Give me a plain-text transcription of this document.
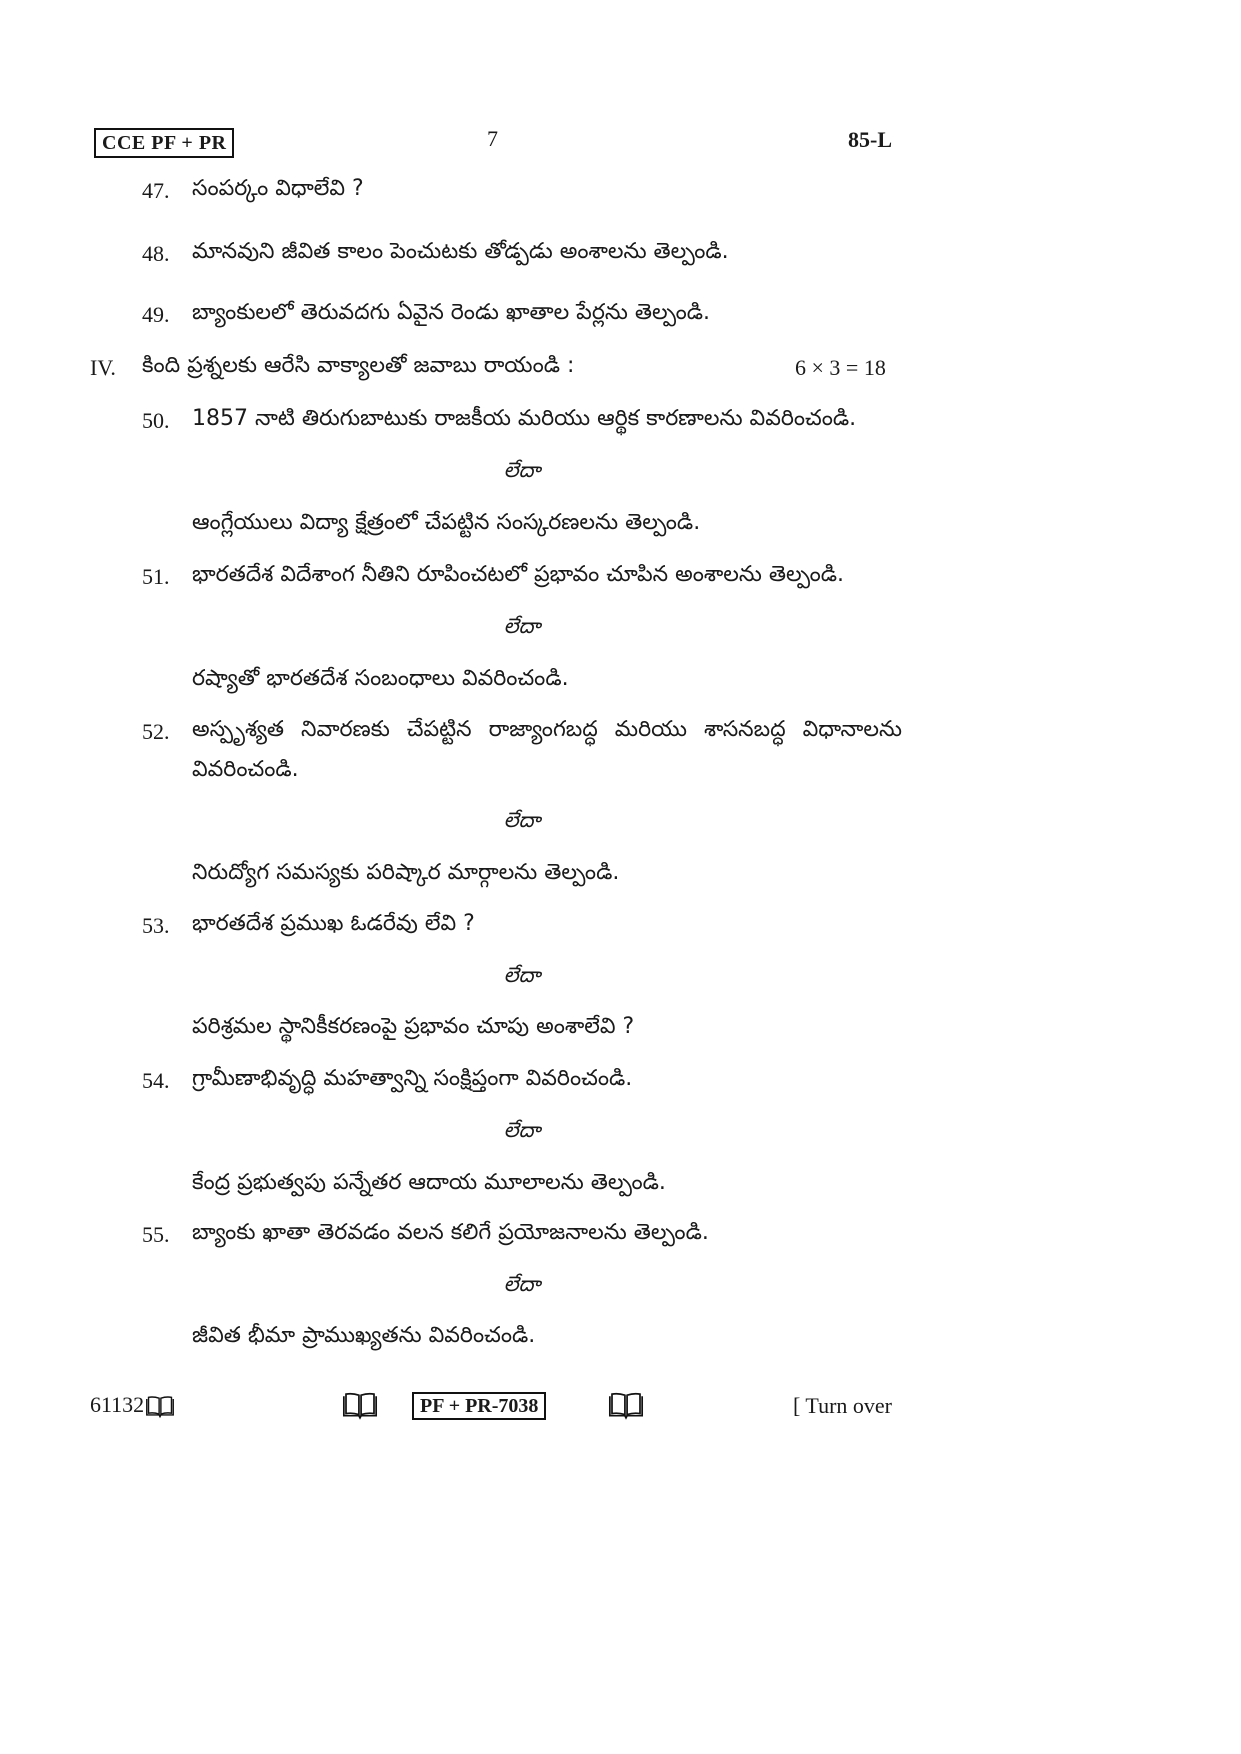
CCE PF + PR	7	85-L
47. సంపర్కం విధాలేవి ?
48. మానవుని జీవిత కాలం పెంచుటకు తోడ్పడు అంశాలను తెల్పండి.
49. బ్యాంకులలో తెరువదగు ఏవైన రెండు ఖాతాల పేర్లను తెల్పండి.
IV. కింది ప్రశ్నలకు ఆరేసి వాక్యాలతో జవాబు రాయండి :	6 × 3 = 18
50. 1857 నాటి తిరుగుబాటుకు రాజకీయ మరియు ఆర్థిక కారణాలను వివరించండి.
లేదా
ఆంగ్లేయులు విద్యా క్షేత్రంలో చేపట్టిన సంస్కరణలను తెల్పండి.
51. భారతదేశ విదేశాంగ నీతిని రూపించటలో ప్రభావం చూపిన అంశాలను తెల్పండి.
లేదా
రష్యాతో భారతదేశ సంబంధాలు వివరించండి.
52. అస్పృశ్యత నివారణకు చేపట్టిన రాజ్యాంగబద్ధ మరియు శాసనబద్ధ విధానాలను
వివరించండి.
లేదా
నిరుద్యోగ సమస్యకు పరిష్కార మార్గాలను తెల్పండి.
53. భారతదేశ ప్రముఖ ఓడరేవు లేవి ?
లేదా
పరిశ్రమల స్థానికీకరణంపై ప్రభావం చూపు అంశాలేవి ?
54. గ్రామీణాభివృద్ధి మహత్వాన్ని సంక్షిప్తంగా వివరించండి.
లేదా
కేంద్ర ప్రభుత్వపు పన్నేతర ఆదాయ మూలాలను తెల్పండి.
55. బ్యాంకు ఖాతా తెరవడం వలన కలిగే ప్రయోజనాలను తెల్పండి.
లేదా
జీవిత భీమా ప్రాముఖ్యతను వివరించండి.
61132	PF + PR-7038	[ Turn over
